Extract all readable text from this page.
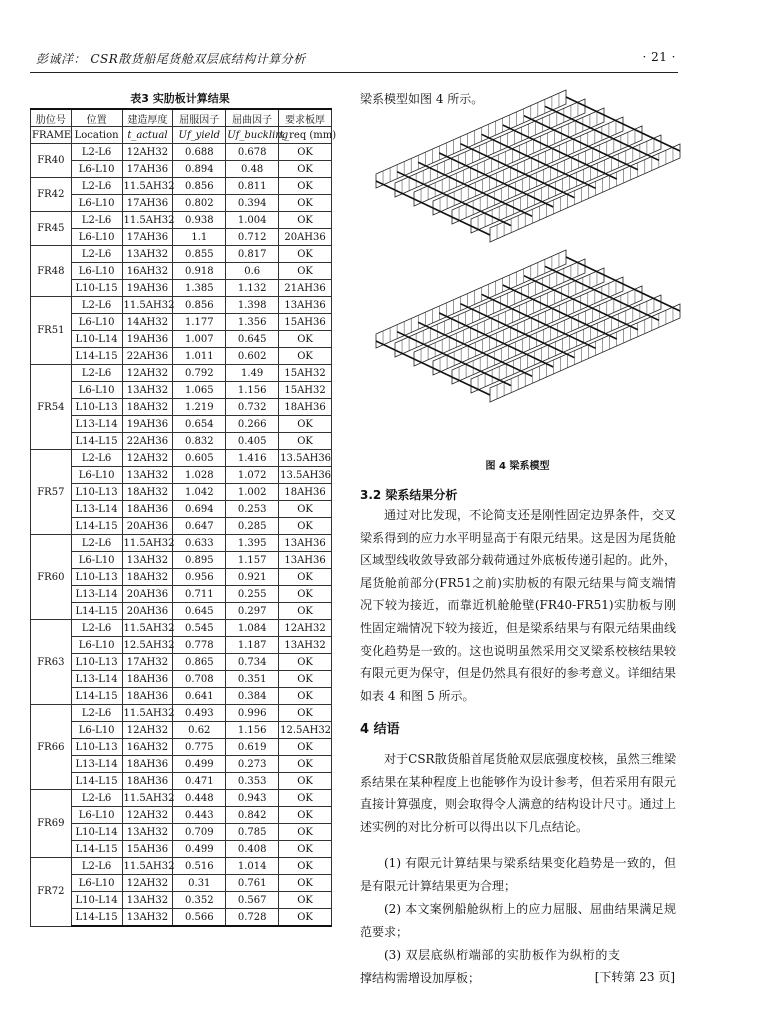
彭诚洋： CSR散货船尾货舱双层底结构计算分析	· 21 ·
表3 实肋板计算结果
肋位号	位置	建造厚度	屈服因子	屈曲因子	要求板厚
FRAME	Location	t_actual	Uf_yield	Uf_buckling	t_req (mm)
FR40	L2-L6	12AH32	0.688	0.678	OK
	L6-L10	17AH36	0.894	0.48	OK
FR42	L2-L6	11.5AH32	0.856	0.811	OK
	L6-L10	17AH36	0.802	0.394	OK
FR45	L2-L6	11.5AH32	0.938	1.004	OK
	L6-L10	17AH36	1.1	0.712	20AH36
FR48	L2-L6	13AH32	0.855	0.817	OK
	L6-L10	16AH32	0.918	0.6	OK
	L10-L15	19AH36	1.385	1.132	21AH36
FR51	L2-L6	11.5AH32	0.856	1.398	13AH36
	L6-L10	14AH32	1.177	1.356	15AH36
	L10-L14	19AH36	1.007	0.645	OK
	L14-L15	22AH36	1.011	0.602	OK
FR54	L2-L6	12AH32	0.792	1.49	15AH32
	L6-L10	13AH32	1.065	1.156	15AH32
	L10-L13	18AH32	1.219	0.732	18AH36
	L13-L14	19AH36	0.654	0.266	OK
	L14-L15	22AH36	0.832	0.405	OK
FR57	L2-L6	12AH32	0.605	1.416	13.5AH36
	L6-L10	13AH32	1.028	1.072	13.5AH36
	L10-L13	18AH32	1.042	1.002	18AH36
	L13-L14	18AH36	0.694	0.253	OK
	L14-L15	20AH36	0.647	0.285	OK
FR60	L2-L6	11.5AH32	0.633	1.395	13AH36
	L6-L10	13AH32	0.895	1.157	13AH36
	L10-L13	18AH32	0.956	0.921	OK
	L13-L14	20AH36	0.711	0.255	OK
	L14-L15	20AH36	0.645	0.297	OK
FR63	L2-L6	11.5AH32	0.545	1.084	12AH32
	L6-L10	12.5AH32	0.778	1.187	13AH32
	L10-L13	17AH32	0.865	0.734	OK
	L13-L14	18AH36	0.708	0.351	OK
	L14-L15	18AH36	0.641	0.384	OK
FR66	L2-L6	11.5AH32	0.493	0.996	OK
	L6-L10	12AH32	0.62	1.156	12.5AH32
	L10-L13	16AH32	0.775	0.619	OK
	L13-L14	18AH36	0.499	0.273	OK
	L14-L15	18AH36	0.471	0.353	OK
FR69	L2-L6	11.5AH32	0.448	0.943	OK
	L6-L10	12AH32	0.443	0.842	OK
	L10-L14	13AH32	0.709	0.785	OK
	L14-L15	15AH36	0.499	0.408	OK
FR72	L2-L6	11.5AH32	0.516	1.014	OK
	L6-L10	12AH32	0.31	0.761	OK
	L10-L14	13AH32	0.352	0.567	OK
	L14-L15	13AH32	0.566	0.728	OK
梁系模型如图 4 所示。
图 4 梁系模型
3.2 梁系结果分析

通过对比发现，不论简支还是刚性固定边界条件，交叉梁系得到的应力水平明显高于有限元结果。这是因为尾货舱区域型线收敛导致部分载荷通过外底板传递引起的。此外，尾货舱前部分(FR51之前)实肋板的有限元结果与简支端情况下较为接近，而靠近机舱舱壁(FR40-FR51)实肋板与刚性固定端情况下较为接近，但是梁系结果与有限元结果曲线变化趋势是一致的。这也说明虽然采用交叉梁系校核结果较有限元更为保守，但是仍然具有很好的参考意义。详细结果如表 4 和图 5 所示。

4 结语

对于CSR散货船首尾货舱双层底强度校核，虽然三维梁系结果在某种程度上也能够作为设计参考，但若采用有限元直接计算强度，则会取得令人满意的结构设计尺寸。通过上述实例的对比分析可以得出以下几点结论。

(1) 有限元计算结果与梁系结果变化趋势是一致的，但是有限元计算结果更为合理；

(2) 本文案例船舱纵桁上的应力屈服、屈曲结果满足规范要求；

(3) 双层底纵桁端部的实肋板作为纵桁的支撑结构需增设加厚板；	[下转第 23 页]
